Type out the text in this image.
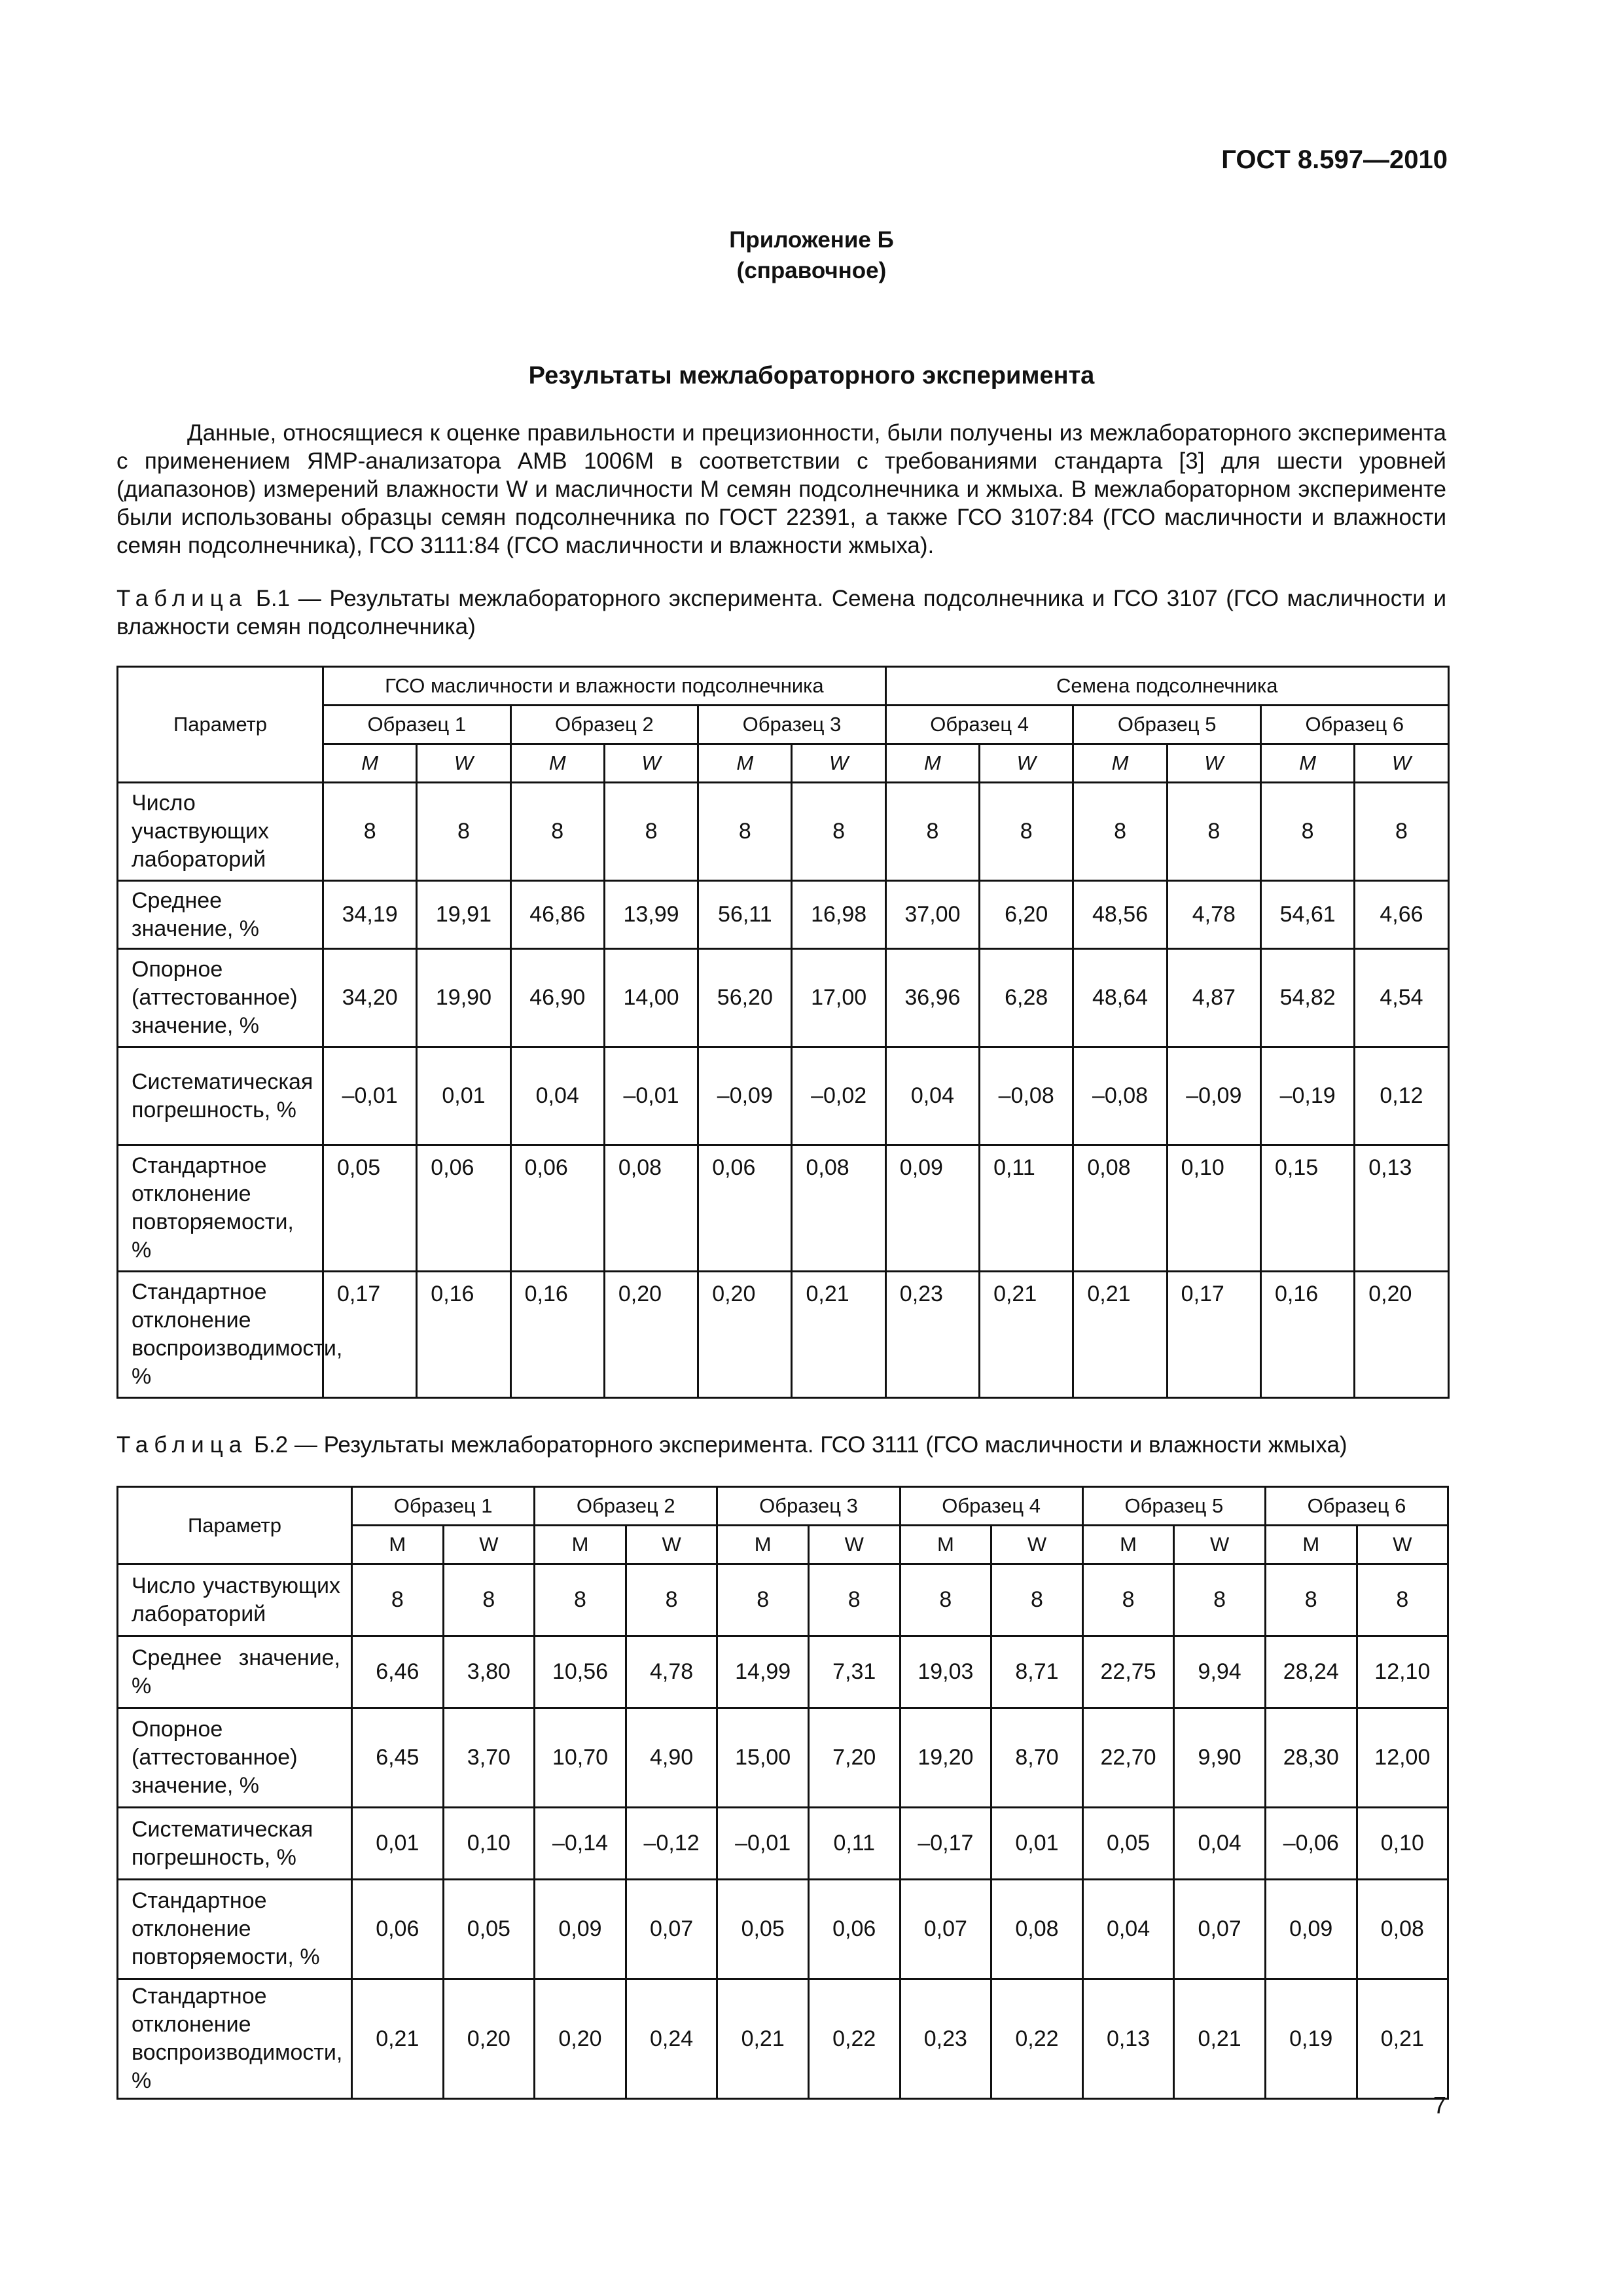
ГОСТ 8.597—2010
Приложение Б
(справочное)
Результаты межлабораторного эксперимента

Данные, относящиеся к оценке правильности и прецизионности, были получены из межлабораторного эксперимента с применением ЯМР-анализатора АМВ 1006М в соответствии с требованиями стандарта [3] для шести уровней (диапазонов) измерений влажности W и масличности M семян подсолнечника и жмыха. В межлабораторном эксперименте были использованы образцы семян подсолнечника по ГОСТ 22391, а также ГСО 3107:84 (ГСО масличности и влажности семян подсолнечника), ГСО 3111:84 (ГСО масличности и влажности жмыха).

Таблица Б.1 — Результаты межлабораторного эксперимента. Семена подсолнечника и ГСО 3107 (ГСО масличности и влажности семян подсолнечника)
Параметр	ГСО масличности и влажности подсолнечника						Семена подсолнечника					
	Образец 1		Образец 2		Образец 3		Образец 4		Образец 5		Образец 6	
	M	W	M	W	M	W	M	W	M	W	M	W
Число участвующих лабораторий	8	8	8	8	8	8	8	8	8	8	8	8
Среднее значение, %	34,19	19,91	46,86	13,99	56,11	16,98	37,00	6,20	48,56	4,78	54,61	4,66
Опорное (аттестованное) значение, %	34,20	19,90	46,90	14,00	56,20	17,00	36,96	6,28	48,64	4,87	54,82	4,54
Систематическая погрешность, %	–0,01	0,01	0,04	–0,01	–0,09	–0,02	0,04	–0,08	–0,08	–0,09	–0,19	0,12
Стандартное отклонение повторяемости, %	0,05	0,06	0,06	0,08	0,06	0,08	0,09	0,11	0,08	0,10	0,15	0,13
Стандартное отклонение воспроизводимости, %	0,17	0,16	0,16	0,20	0,20	0,21	0,23	0,21	0,21	0,17	0,16	0,20
Таблица Б.2 — Результаты межлабораторного эксперимента. ГСО 3111 (ГСО масличности и влажности жмыха)
Параметр	Образец 1		Образец 2		Образец 3		Образец 4		Образец 5		Образец 6	
	M	W	M	W	M	W	M	W	M	W	M	W
Число участвующих лабораторий	8	8	8	8	8	8	8	8	8	8	8	8
Среднее значение, %	6,46	3,80	10,56	4,78	14,99	7,31	19,03	8,71	22,75	9,94	28,24	12,10
Опорное (аттестованное) значение, %	6,45	3,70	10,70	4,90	15,00	7,20	19,20	8,70	22,70	9,90	28,30	12,00
Систематическая погрешность, %	0,01	0,10	–0,14	–0,12	–0,01	0,11	–0,17	0,01	0,05	0,04	–0,06	0,10
Стандартное отклонение повторяемости, %	0,06	0,05	0,09	0,07	0,05	0,06	0,07	0,08	0,04	0,07	0,09	0,08
Стандартное отклонение воспроизводимости, %	0,21	0,20	0,20	0,24	0,21	0,22	0,23	0,22	0,13	0,21	0,19	0,21
7
